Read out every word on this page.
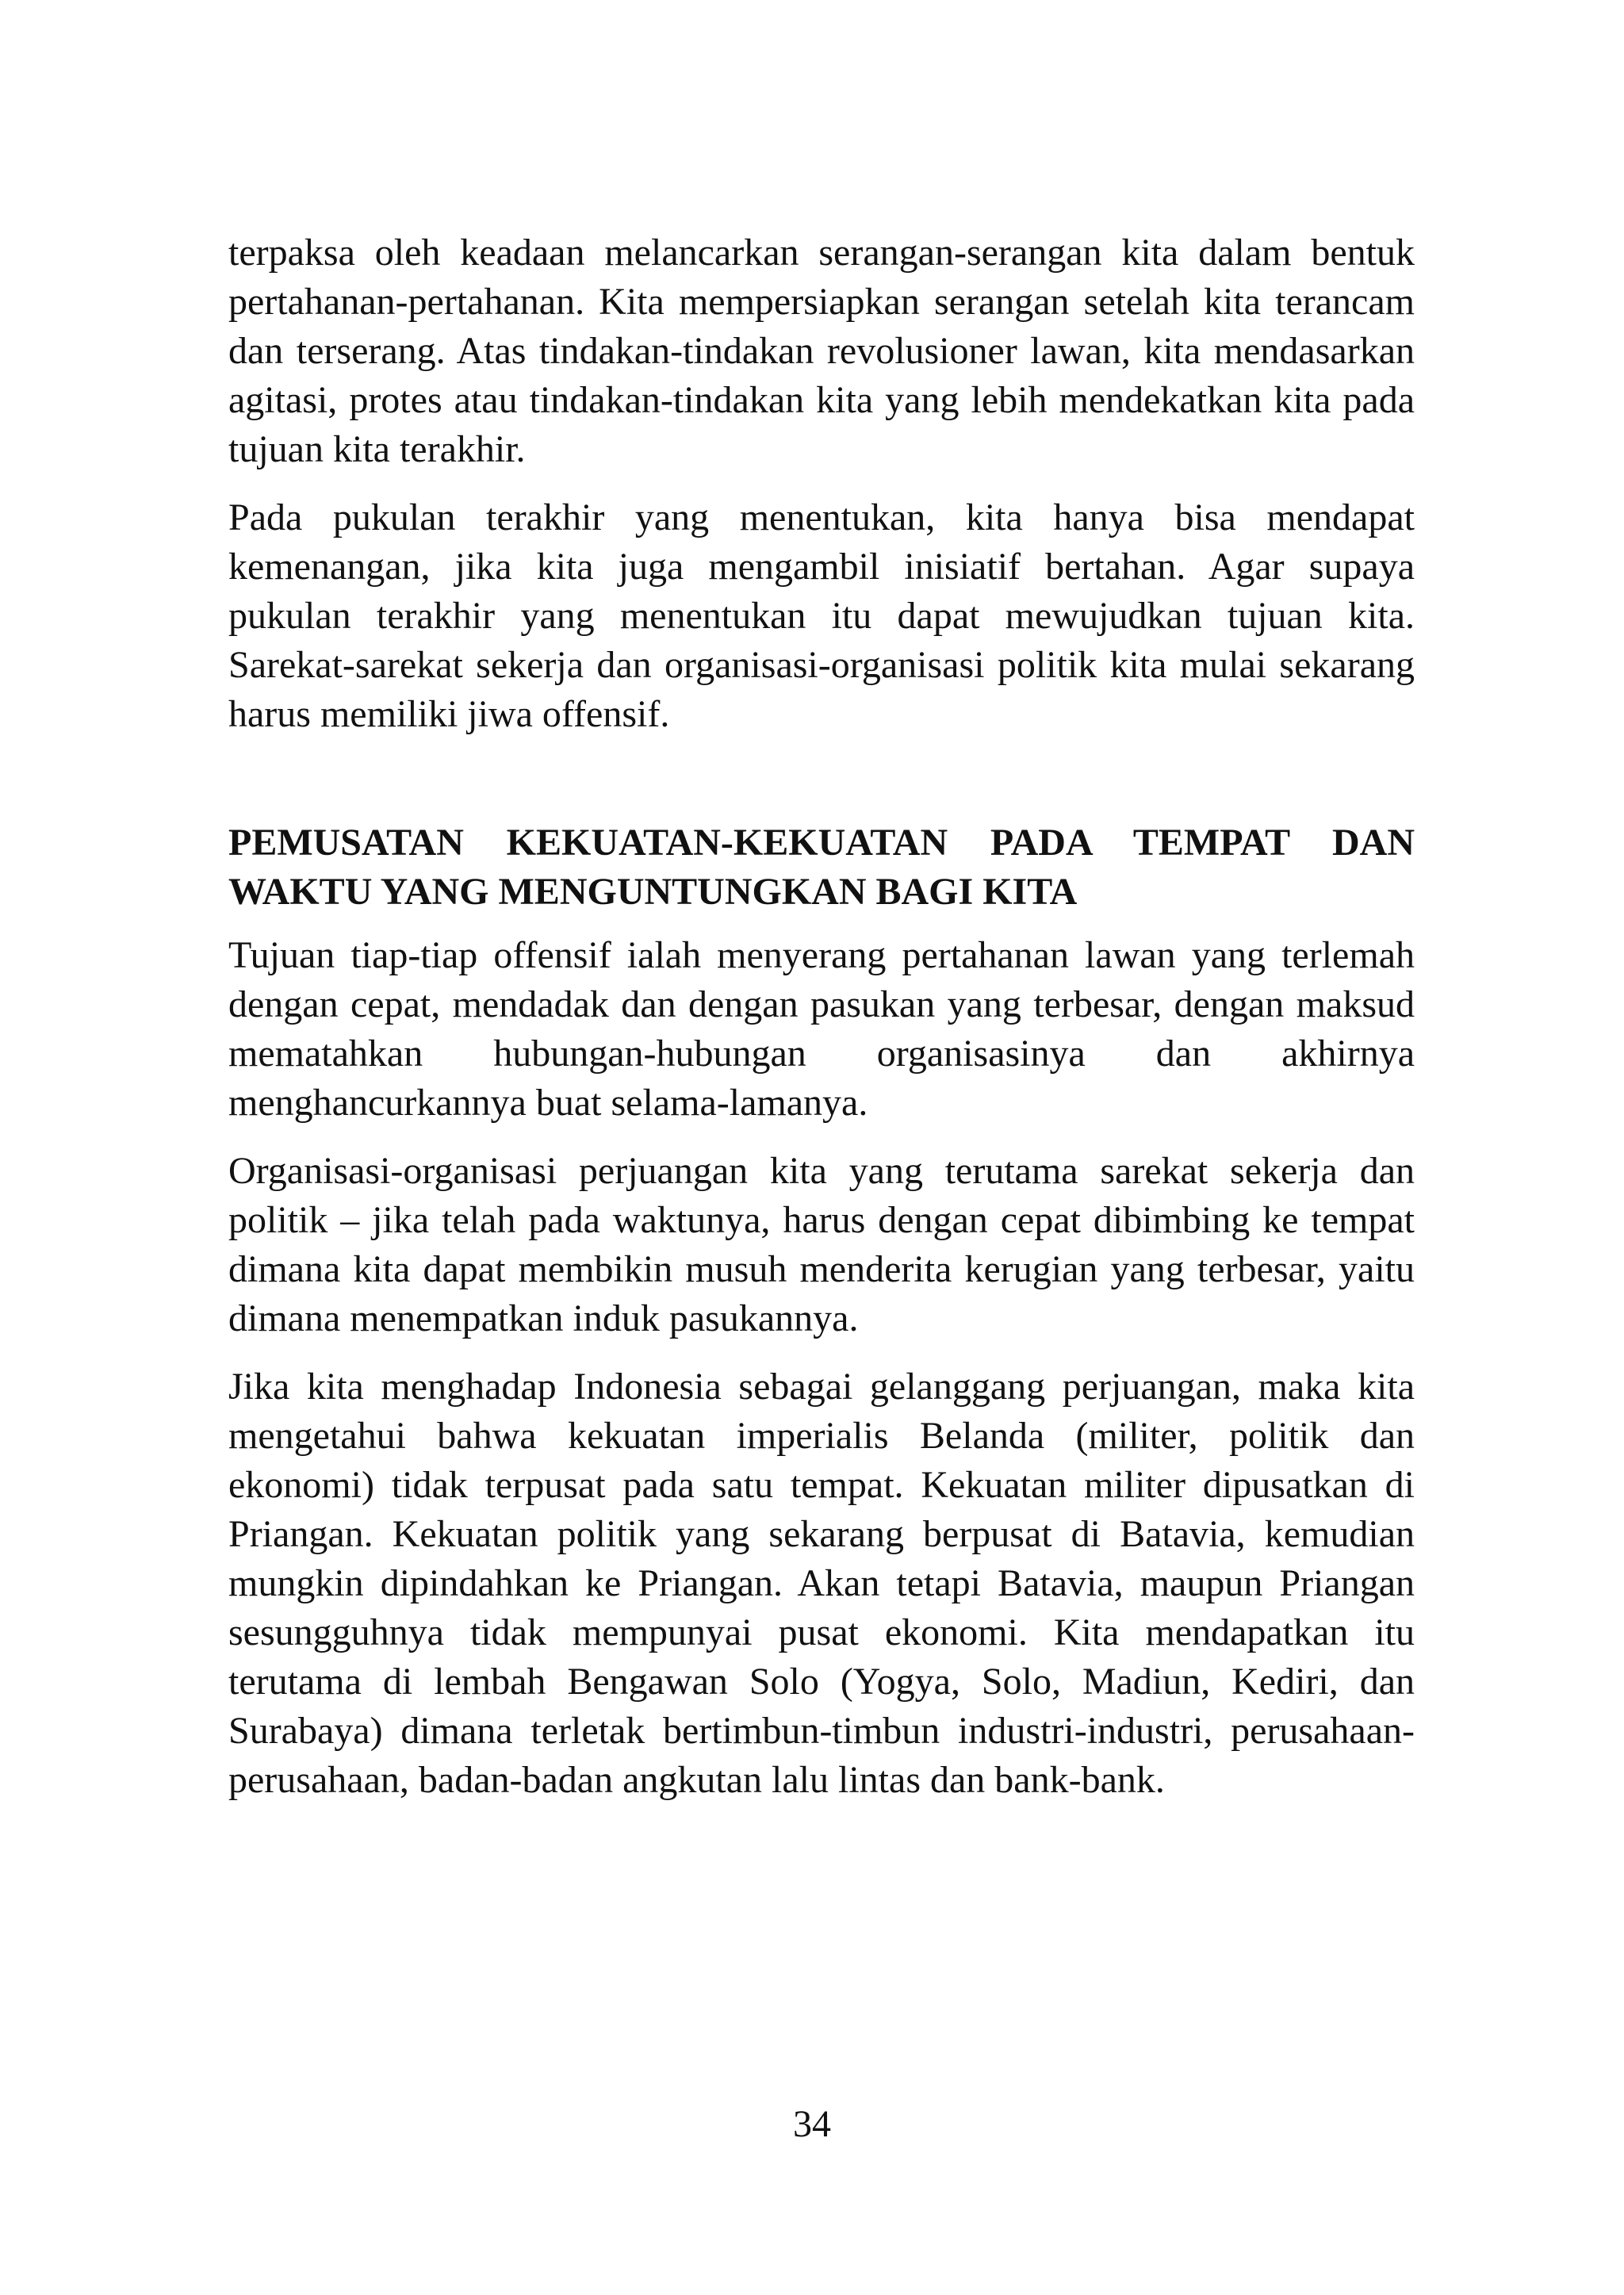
terpaksa oleh keadaan melancarkan serangan-serangan kita dalam bentuk pertahanan-pertahanan. Kita mempersiapkan serangan setelah kita terancam dan terserang. Atas tindakan-tindakan revolusioner lawan, kita mendasarkan agitasi, protes atau tindakan-tindakan kita yang lebih mendekatkan kita pada tujuan kita terakhir.

Pada pukulan terakhir yang menentukan, kita hanya bisa mendapat kemenangan, jika kita juga mengambil inisiatif bertahan. Agar supaya pukulan terakhir yang menentukan itu dapat mewujudkan tujuan kita. Sarekat-sarekat sekerja dan organisasi-organisasi politik kita mulai sekarang harus memiliki jiwa offensif.

PEMUSATAN KEKUATAN-KEKUATAN PADA TEMPAT DAN WAKTU YANG MENGUNTUNGKAN BAGI KITA

Tujuan tiap-tiap offensif ialah menyerang pertahanan lawan yang terlemah dengan cepat, mendadak dan dengan pasukan yang terbesar, dengan maksud mematahkan hubungan-hubungan organisasinya dan akhirnya menghancurkannya buat selama-lamanya.

Organisasi-organisasi perjuangan kita yang terutama sarekat sekerja dan politik – jika telah pada waktunya, harus dengan cepat dibimbing ke tempat dimana kita dapat membikin musuh menderita kerugian yang terbesar, yaitu dimana menempatkan induk pasukannya.

Jika kita menghadap Indonesia sebagai gelanggang perjuangan, maka kita mengetahui bahwa kekuatan imperialis Belanda (militer, politik dan ekonomi) tidak terpusat pada satu tempat. Kekuatan militer dipusatkan di Priangan. Kekuatan politik yang sekarang berpusat di Batavia, kemudian mungkin dipindahkan ke Priangan. Akan tetapi Batavia, maupun Priangan sesungguhnya tidak mempunyai pusat ekonomi. Kita mendapatkan itu terutama di lembah Bengawan Solo (Yogya, Solo, Madiun, Kediri, dan Surabaya) dimana terletak bertimbun-timbun industri-industri, perusahaan-perusahaan, badan-badan angkutan lalu lintas dan bank-bank.

34
